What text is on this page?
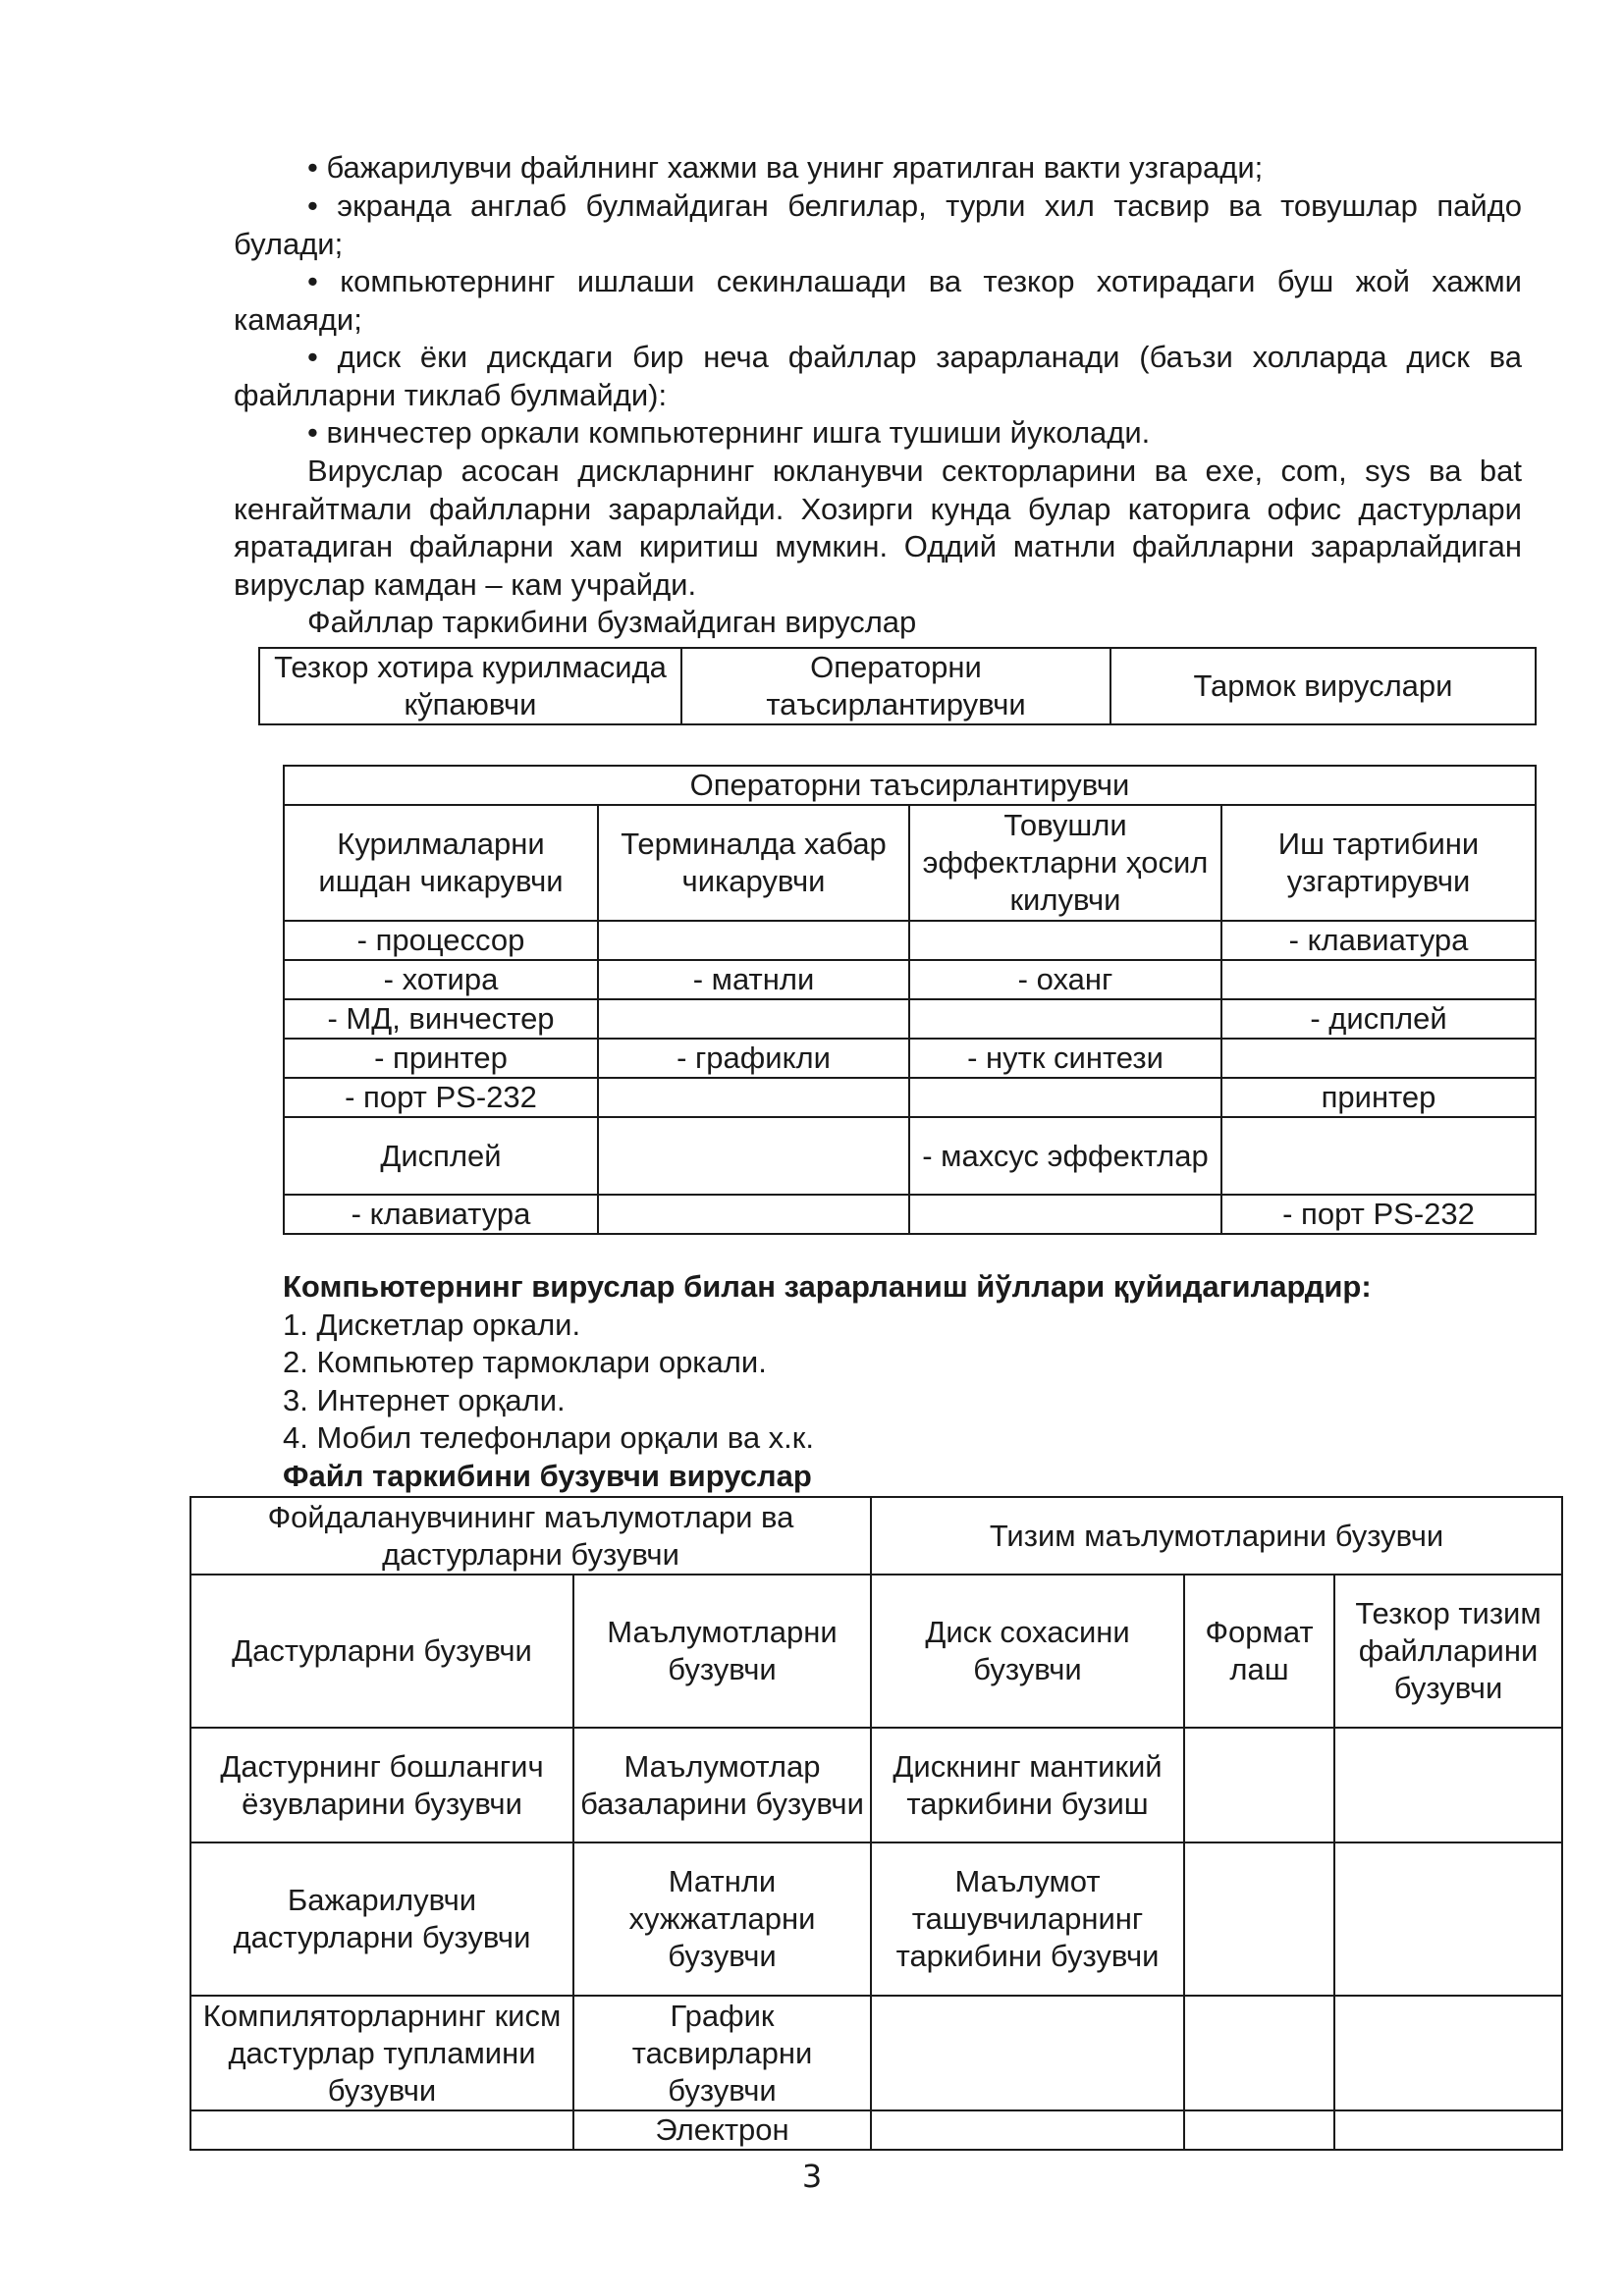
• бажарилувчи файлнинг хажми ва унинг яратилган вакти узгаради;

• экранда англаб булмайдиган белгилар, турли хил тасвир ва товушлар пайдо булади;

• компьютернинг ишлаши секинлашади ва тезкор хотирадаги буш жой хажми камаяди;

• диск ёки дискдаги бир неча файллар зарарланади (баъзи холларда диск ва файлларни тиклаб булмайди):

• винчестер оркали компьютернинг ишга тушиши йуколади.

Вируслар асосан дискларнинг юкланувчи секторларини ва exe, com, sys ва bat кенгайтмали файлларни зарарлайди. Хозирги кунда булар каторига офис дастурлари яратадиган файларни хам киритиш мумкин. Оддий матнли файлларни зарарлайдиган вируслар камдан – кам учрайди.

Файллар таркибини бузмайдиган вируслар

Тезкор хотира курилмасида кўпаювчи	Операторни таъсирлантирувчи	Тармок вируслари
Операторни таъсирлантирувчи			
Курилмаларни ишдан чикарувчи	Терминалда хабар чикарувчи	Товушли эффектларни ҳосил килувчи	Иш тартибини узгартирувчи
- процессор			- клавиатура
- хотира	- матнли	- оханг	
- МД, винчестер			- дисплей
- принтер	- графикли	- нутк синтези	
- порт PS-232			принтер
Дисплей		- махсус эффектлар	
- клавиатура			- порт PS-232

Компьютернинг вируслар билан зарарланиш йўллари қуйидагилардир:

1. Дискетлар оркали.

2. Компьютер тармоклари оркали.

3. Интернет орқали.

4. Мобил телефонлари орқали ва х.к.

Файл таркибини бузувчи вируслар

Фойдаланувчининг маълумотлари ва дастурларни бузувчи		Тизим маълумотларини бузувчи		
Дастурларни бузувчи	Маълумотларни бузувчи	Диск сохасини бузувчи	Формат лаш	Тезкор тизим файлларини бузувчи
Дастурнинг бошлангич ёзувларини бузувчи	Маълумотлар базаларини бузувчи	Дискнинг мантикий таркибини бузиш		
Бажарилувчи дастурларни бузувчи	Матнли хужжатларни бузувчи	Маълумот ташувчиларнинг таркибини бузувчи		
Компиляторларнинг кисм дастурлар тупламини бузувчи	График тасвирларни бузувчи			
	Электрон			
3
